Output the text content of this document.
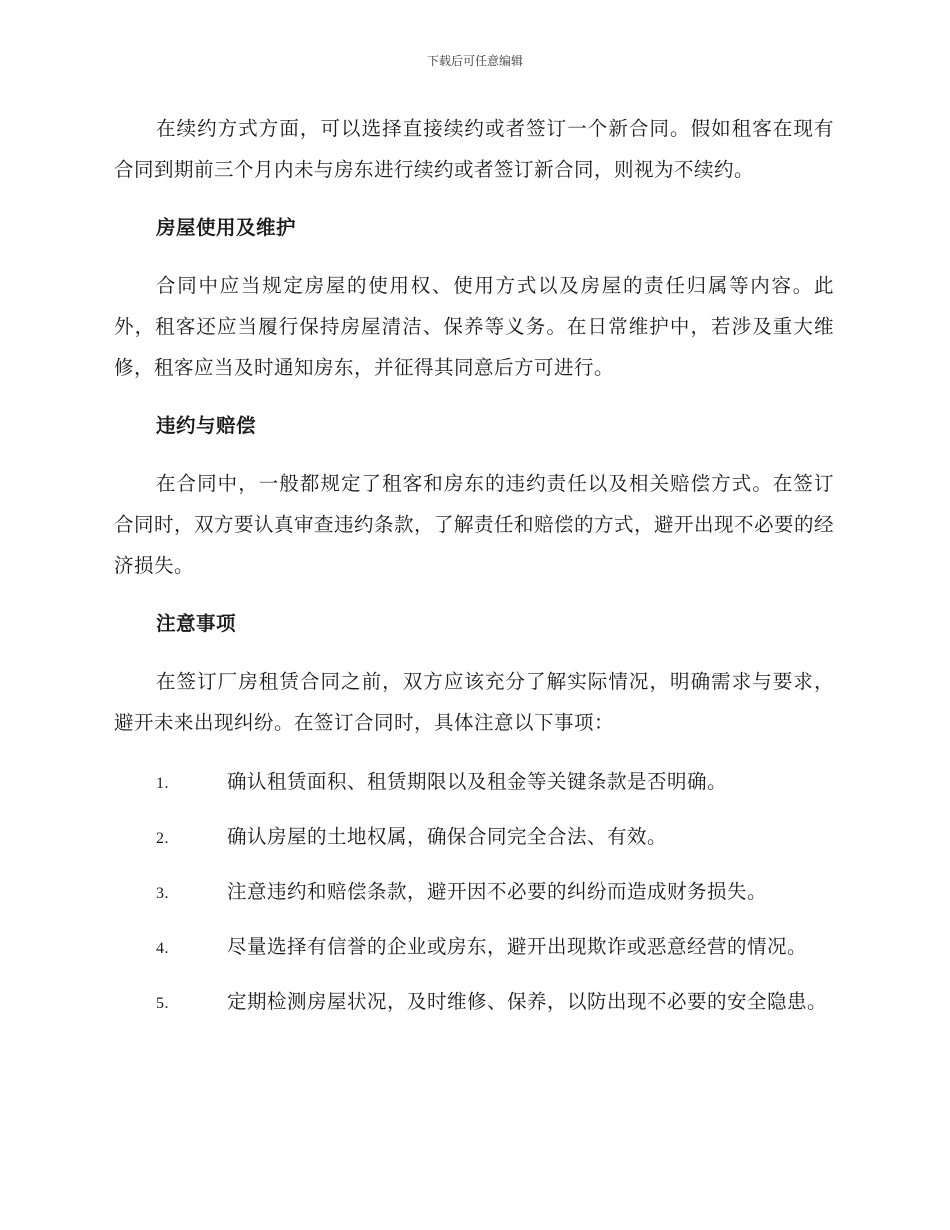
下载后可任意编辑

在续约方式方面，可以选择直接续约或者签订一个新合同。假如租客在现有合同到期前三个月内未与房东进行续约或者签订新合同，则视为不续约。

房屋使用及维护

合同中应当规定房屋的使用权、使用方式以及房屋的责任归属等内容。此外，租客还应当履行保持房屋清洁、保养等义务。在日常维护中，若涉及重大维修，租客应当及时通知房东，并征得其同意后方可进行。

违约与赔偿

在合同中，一般都规定了租客和房东的违约责任以及相关赔偿方式。在签订合同时，双方要认真审查违约条款，了解责任和赔偿的方式，避开出现不必要的经济损失。

注意事项

在签订厂房租赁合同之前，双方应该充分了解实际情况，明确需求与要求，避开未来出现纠纷。在签订合同时，具体注意以下事项：

1.	确认租赁面积、租赁期限以及租金等关键条款是否明确。

2.	确认房屋的土地权属，确保合同完全合法、有效。

3.	注意违约和赔偿条款，避开因不必要的纠纷而造成财务损失。

4.	尽量选择有信誉的企业或房东，避开出现欺诈或恶意经营的情况。

5.	定期检测房屋状况，及时维修、保养，以防出现不必要的安全隐患。
